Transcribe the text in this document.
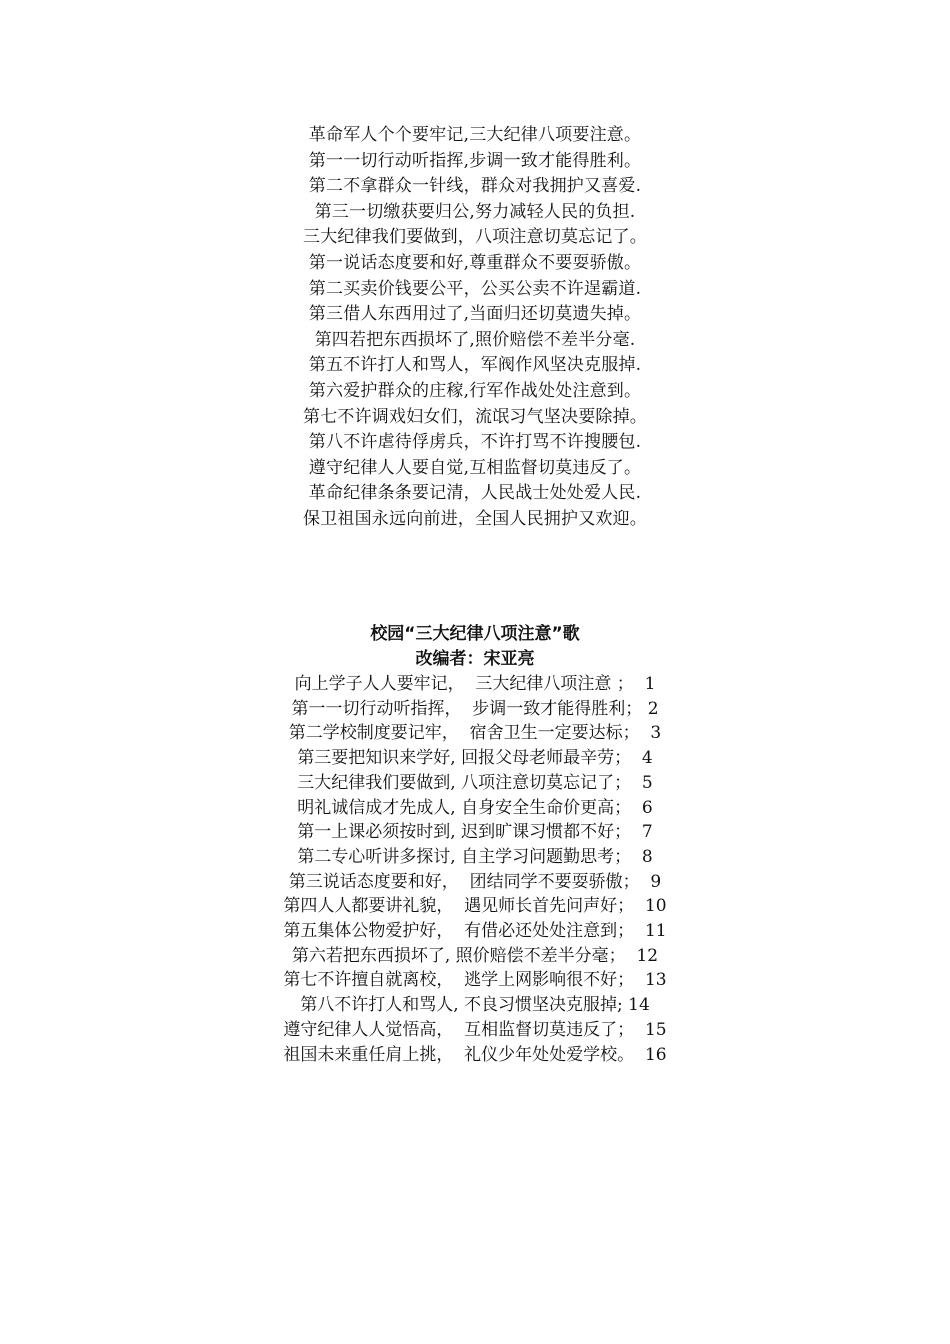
革命军人个个要牢记,三大纪律八项要注意。
第一一切行动听指挥,步调一致才能得胜利。
第二不拿群众一针线，群众对我拥护又喜爱.
第三一切缴获要归公,努力减轻人民的负担.
三大纪律我们要做到，八项注意切莫忘记了。
第一说话态度要和好,尊重群众不要耍骄傲。
第二买卖价钱要公平，公买公卖不许逞霸道.
第三借人东西用过了,当面归还切莫遗失掉。
第四若把东西损坏了,照价赔偿不差半分毫.
第五不许打人和骂人，军阀作风坚决克服掉.
第六爱护群众的庄稼,行军作战处处注意到。
第七不许调戏妇女们，流氓习气坚决要除掉。
第八不许虐待俘虏兵，不许打骂不许搜腰包.
遵守纪律人人要自觉,互相监督切莫违反了。
革命纪律条条要记清，人民战士处处爱人民.
保卫祖国永远向前进，全国人民拥护又欢迎。
校园“三大纪律八项注意”歌
改编者：宋亚亮
向上学子人人要牢记，  三大纪律八项注意 ；  1
第一一切行动听指挥，  步调一致才能得胜利； 2
第二学校制度要记牢，  宿舍卫生一定要达标；  3
第三要把知识来学好, 回报父母老师最辛劳；  4
三大纪律我们要做到, 八项注意切莫忘记了；  5
明礼诚信成才先成人, 自身安全生命价更高；  6
第一上课必须按时到, 迟到旷课习惯都不好；  7
第二专心听讲多探讨, 自主学习问题勤思考；  8
第三说话态度要和好，  团结同学不要耍骄傲；  9
第四人人都要讲礼貌，  遇见师长首先问声好；  10
第五集体公物爱护好，  有借必还处处注意到；  11
第六若把东西损坏了, 照价赔偿不差半分毫；  12
第七不许擅自就离校，  逃学上网影响很不好；  13
第八不许打人和骂人, 不良习惯坚决克服掉; 14
遵守纪律人人觉悟高，  互相监督切莫违反了；  15
祖国未来重任肩上挑，  礼仪少年处处爱学校。  16
